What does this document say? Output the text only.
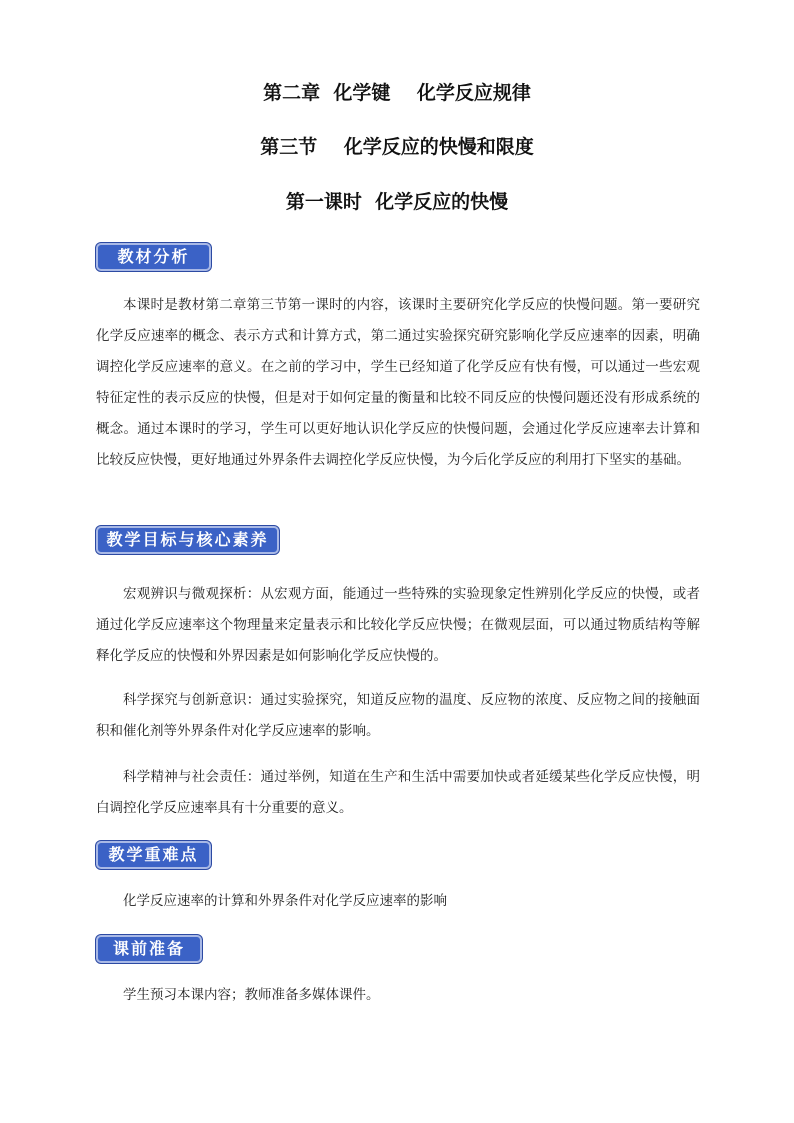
第二章  化学键    化学反应规律
第三节    化学反应的快慢和限度
第一课时  化学反应的快慢
教材分析

本课时是教材第二章第三节第一课时的内容，该课时主要研究化学反应的快慢问题。第一要研究化学反应速率的概念、表示方式和计算方式，第二通过实验探究研究影响化学反应速率的因素，明确调控化学反应速率的意义。在之前的学习中，学生已经知道了化学反应有快有慢，可以通过一些宏观特征定性的表示反应的快慢，但是对于如何定量的衡量和比较不同反应的快慢问题还没有形成系统的概念。通过本课时的学习，学生可以更好地认识化学反应的快慢问题，会通过化学反应速率去计算和比较反应快慢，更好地通过外界条件去调控化学反应快慢，为今后化学反应的利用打下坚实的基础。

教学目标与核心素养

宏观辨识与微观探析：从宏观方面，能通过一些特殊的实验现象定性辨别化学反应的快慢，或者通过化学反应速率这个物理量来定量表示和比较化学反应快慢；在微观层面，可以通过物质结构等解释化学反应的快慢和外界因素是如何影响化学反应快慢的。

科学探究与创新意识：通过实验探究，知道反应物的温度、反应物的浓度、反应物之间的接触面积和催化剂等外界条件对化学反应速率的影响。

科学精神与社会责任：通过举例，知道在生产和生活中需要加快或者延缓某些化学反应快慢，明白调控化学反应速率具有十分重要的意义。

教学重难点

化学反应速率的计算和外界条件对化学反应速率的影响

课前准备

学生预习本课内容；教师准备多媒体课件。
